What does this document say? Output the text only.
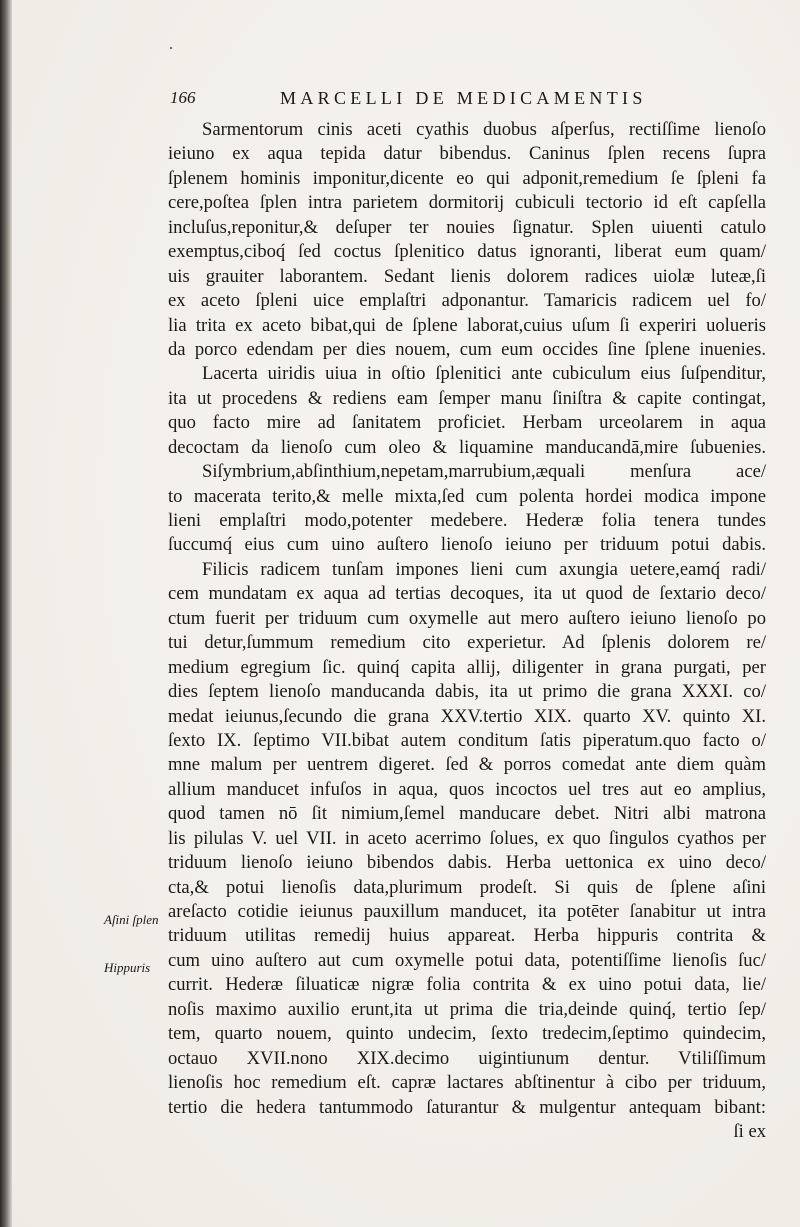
·
166	MARCELLI DE MEDICAMENTIS
Sarmentorum cinis aceti cyathis duobus aſperſus, rectiſſime lienoſo
ieiuno ex aqua tepida datur bibendus. Caninus ſplen recens ſupra
ſplenem hominis imponitur,dicente eo qui adponit,remedium ſe ſpleni fa
cere,poſtea ſplen intra parietem dormitorij cubiculi tectorio id eſt capſella
incluſus,reponitur,& deſuper ter nouies ſignatur. Splen uiuenti catulo
exemptus,ciboq́ ſed coctus ſplenitico datus ignoranti, liberat eum quam/
uis grauiter laborantem. Sedant lienis dolorem radices uiolæ luteæ,ſi
ex aceto ſpleni uice emplaſtri adponantur. Tamaricis radicem uel fo/
lia trita ex aceto bibat,qui de ſplene laborat,cuius uſum ſi experiri uolueris
da porco edendam per dies nouem, cum eum occides ſine ſplene inuenies.
Lacerta uiridis uiua in oſtio ſplenitici ante cubiculum eius ſuſpenditur,
ita ut procedens & rediens eam ſemper manu ſiniſtra & capite contingat,
quo facto mire ad ſanitatem proficiet. Herbam urceolarem in aqua
decoctam da lienoſo cum oleo & liquamine manducandā,mire ſubuenies.
Siſymbrium,abſinthium,nepetam,marrubium,æquali menſura ace/
to macerata terito,& melle mixta,ſed cum polenta hordei modica impone
lieni emplaſtri modo,potenter medebere. Hederæ folia tenera tundes
ſuccumq́ eius cum uino auſtero lienoſo ieiuno per triduum potui dabis.
Filicis radicem tunſam impones lieni cum axungia uetere,eamq́ radi/
cem mundatam ex aqua ad tertias decoques, ita ut quod de ſextario deco/
ctum fuerit per triduum cum oxymelle aut mero auſtero ieiuno lienoſo po
tui detur,ſummum remedium cito experietur. Ad ſplenis dolorem re/
medium egregium ſic. quinq́ capita allij, diligenter in grana purgati, per
dies ſeptem lienoſo manducanda dabis, ita ut primo die grana XXXI. co/
medat ieiunus,ſecundo die grana XXV.tertio XIX. quarto XV. quinto XI.
ſexto IX. ſeptimo VII.bibat autem conditum ſatis piperatum.quo facto o/
mne malum per uentrem digeret. ſed & porros comedat ante diem quàm
allium manducet infuſos in aqua, quos incoctos uel tres aut eo amplius,
quod tamen nō ſit nimium,ſemel manducare debet. Nitri albi matrona
lis pilulas V. uel VII. in aceto acerrimo ſolues, ex quo ſingulos cyathos per
triduum lienoſo ieiuno bibendos dabis. Herba uettonica ex uino deco/
cta,& potui lienoſis data,plurimum prodeſt. Si quis de ſplene aſini
areſacto cotidie ieiunus pauxillum manducet, ita potēter ſanabitur ut intra
triduum utilitas remedij huius appareat. Herba hippuris contrita &
cum uino auſtero aut cum oxymelle potui data, potentiſſime lienoſis ſuc/
currit. Hederæ ſiluaticæ nigræ folia contrita & ex uino potui data, lie/
noſis maximo auxilio erunt,ita ut prima die tria,deinde quinq́, tertio ſep/
tem, quarto nouem, quinto undecim, ſexto tredecim,ſeptimo quindecim,
octauo XVII.nono XIX.decimo uigintiunum dentur. Vtiliſſimum
lienoſis hoc remedium eſt. capræ lactares abſtinentur à cibo per triduum,
tertio die hedera tantummodo ſaturantur & mulgentur antequam bibant:
ſi ex
Aſini ſplen
Hippuris
